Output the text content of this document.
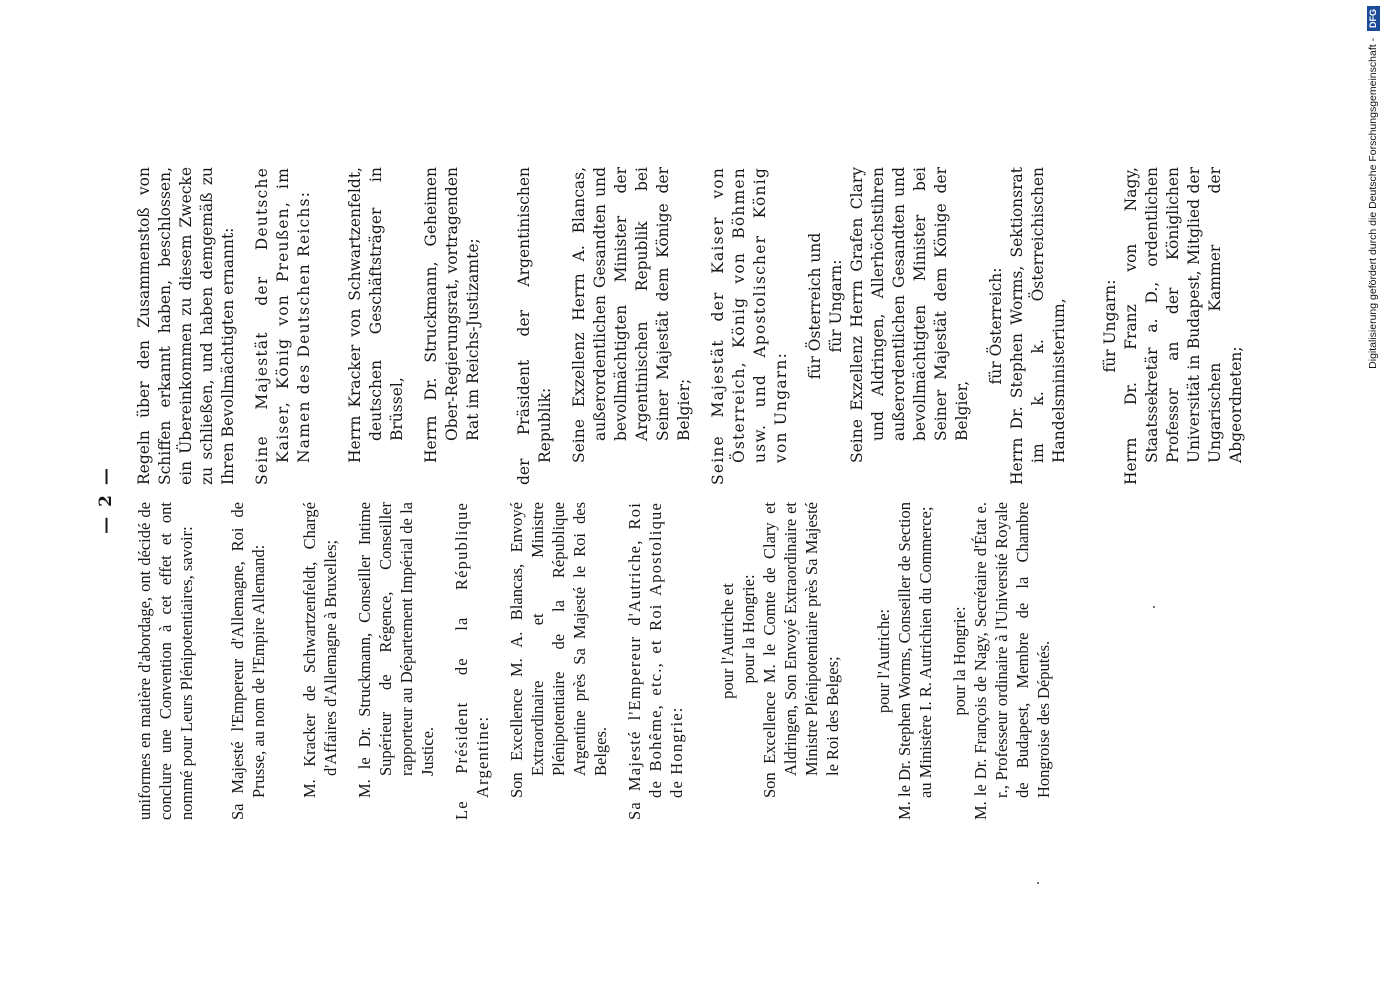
— 2 —

uniformes en matière d'abordage, ont décidé de conclure une Convention à cet effet et ont nommé pour Leurs Plénipotentiaires, savoir: Sa Majesté l'Empereur d'Allemagne, Roi de Prusse, au nom de l'Empire Allemand: M. Kracker de Schwartzenfeldt, Chargé d'Affaires d'Allemagne à Bruxelles; M. le Dr. Struckmann, Conseiller Intime Supérieur de Régence, Conseiller rapporteur au Département Impérial de la Justice. Le Président de la République Argentine: Son Excellence M. A. Blancas, Envoyé Extraordinaire et Ministre Plénipotentiaire de la République Argentine près Sa Majesté le Roi des Belges. Sa Majesté l'Empereur d'Autriche, Roi de Bohême, etc., et Roi Apostolique de Hongrie:

pour l'Autriche et pour la Hongrie: Son Excellence M. le Comte de Clary et Aldringen, Son Envoyé Extraordinaire et Ministre Plénipotentiaire près Sa Majesté le Roi des Belges; pour l'Autriche: M. le Dr. Stephen Worms, Conseiller de Section au Ministère I. R. Autrichien du Commerce; pour la Hongrie: M. le Dr. François de Nagy, Secrétaire d'État e. r., Professeur ordinaire à l'Université Royale de Budapest, Membre de la Chambre Hongroise des Députés.

Regeln über den Zusammenstoß von Schiffen erkannt haben, beschlossen, ein Übereinkommen zu diesem Zwecke zu schließen, und haben demgemäß zu Ihren Bevollmächtigten ernannt: Seine Majestät der Deutsche Kaiser, König von Preußen, im Namen des Deutschen Reichs: Herrn Kracker von Schwartzenfeldt, deutschen Geschäftsträger in Brüssel, Herrn Dr. Struckmann, Geheimen Ober-Regierungsrat, vortragenden Rat im Reichs-Justizamte; der Präsident der Argentinischen Republik: Seine Exzellenz Herrn A. Blancas, außerordentlichen Gesandten und bevollmächtigten Minister der Argentinischen Republik bei Seiner Majestät dem Könige der Belgier; Seine Majestät der Kaiser von Österreich, König von Böhmen usw. und Apostolischer König von Ungarn:

für Österreich und für Ungarn: Seine Exzellenz Herrn Grafen Clary und Aldringen, Allerhöchstihren außerordentlichen Gesandten und bevollmächtigten Minister bei Seiner Majestät dem Könige der Belgier,

für Österreich: Herrn Dr. Stephen Worms, Sektionsrat im k. k. Österreichischen Handelsministerium, für Ungarn: Herrn Dr. Franz von Nagy, Staatssekretär a. D., ordentlichen Professor an der Königlichen Universität in Budapest, Mitglied der Ungarischen Kammer der Abgeordneten;

Digitalisierung gefördert durch die Deutsche Forschungsgemeinschaft - DFG
